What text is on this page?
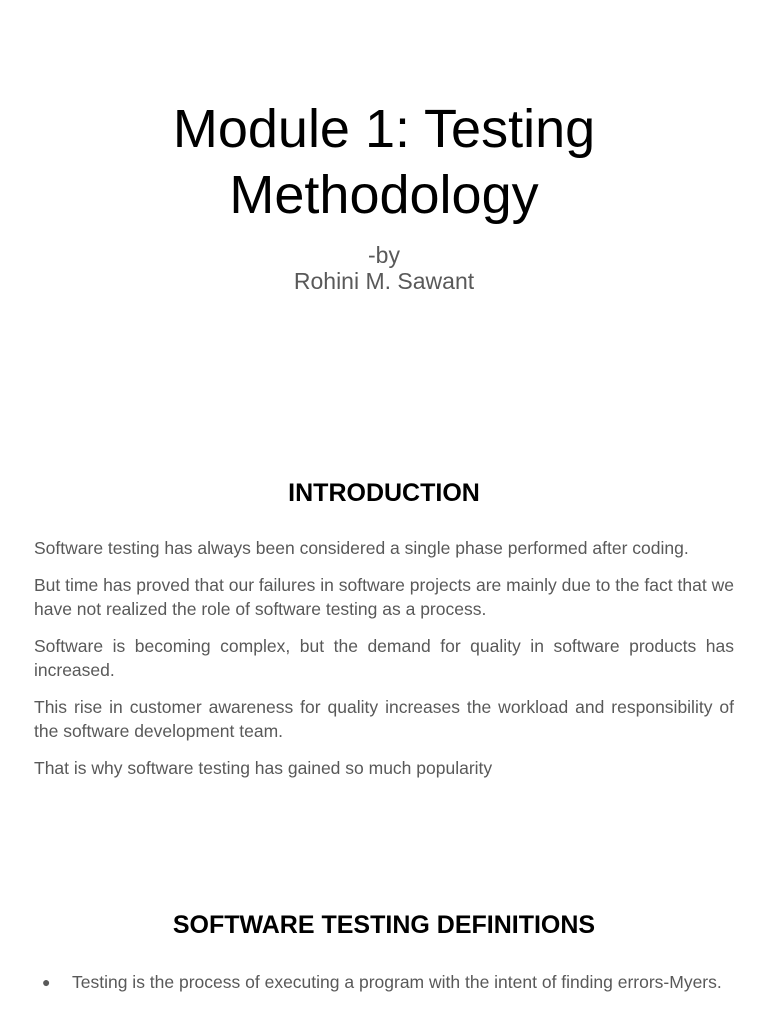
Module 1: Testing
Methodology
-by
Rohini M. Sawant
INTRODUCTION

Software testing has always been considered a single phase performed after coding.

But time has proved that our failures in software projects are mainly due to the fact that we have not realized the role of software testing as a process.

Software is becoming complex, but the demand for quality in software products has increased.

This rise in customer awareness for quality increases the workload and responsibility of the software development team.

That is why software testing has gained so much popularity

SOFTWARE TESTING DEFINITIONS
● Testing is the process of executing a program with the intent of finding errors-Myers.
